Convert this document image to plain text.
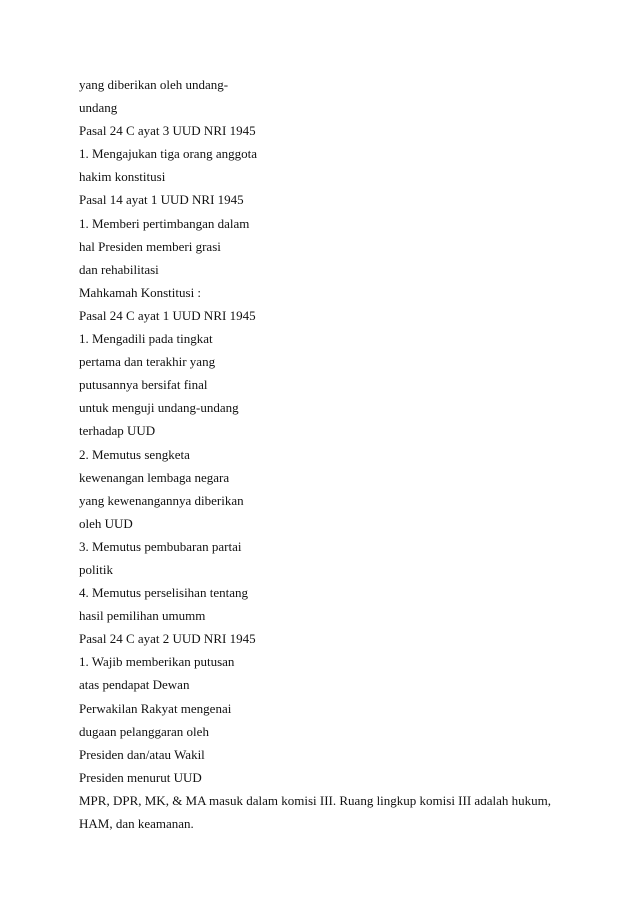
yang diberikan oleh undang-
undang
Pasal 24 C ayat 3 UUD NRI 1945
1. Mengajukan tiga orang anggota
hakim konstitusi
Pasal 14 ayat 1 UUD NRI 1945
1. Memberi pertimbangan dalam
hal Presiden memberi grasi
dan rehabilitasi
Mahkamah Konstitusi :
Pasal 24 C ayat 1 UUD NRI 1945
1. Mengadili pada tingkat
pertama dan terakhir yang
putusannya bersifat final
untuk menguji undang-undang
terhadap UUD
2. Memutus sengketa
kewenangan lembaga negara
yang kewenangannya diberikan
oleh UUD
3. Memutus pembubaran partai
politik
4. Memutus perselisihan tentang
hasil pemilihan umumm
Pasal 24 C ayat 2 UUD NRI 1945
1. Wajib memberikan putusan
atas pendapat Dewan
Perwakilan Rakyat mengenai
dugaan pelanggaran oleh
Presiden dan/atau Wakil
Presiden menurut UUD
MPR, DPR, MK, & MA masuk dalam komisi III. Ruang lingkup komisi III adalah hukum,
HAM, dan keamanan.
